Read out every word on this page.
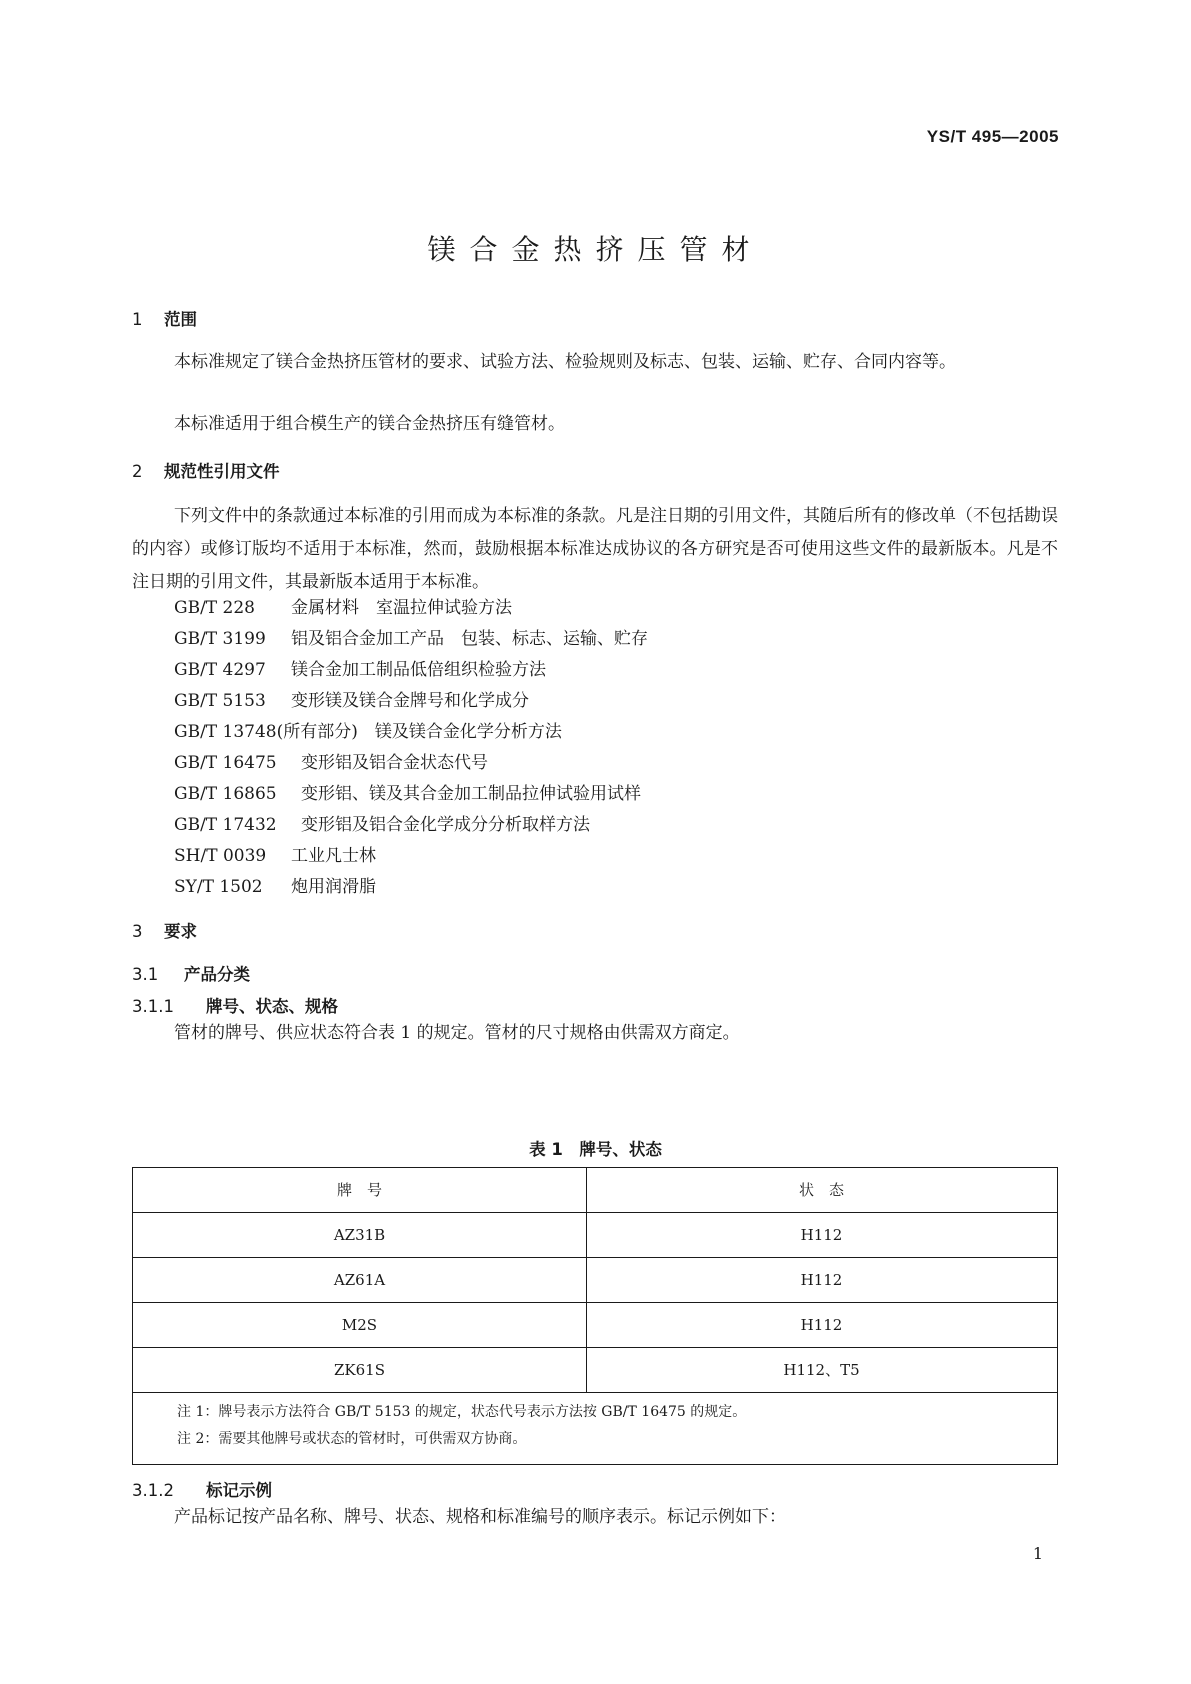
YS/T 495—2005
镁合金热挤压管材
1 范围
本标准规定了镁合金热挤压管材的要求、试验方法、检验规则及标志、包装、运输、贮存、合同内容等。
本标准适用于组合模生产的镁合金热挤压有缝管材。
2 规范性引用文件
下列文件中的条款通过本标准的引用而成为本标准的条款。凡是注日期的引用文件，其随后所有的修改单（不包括勘误的内容）或修订版均不适用于本标准，然而，鼓励根据本标准达成协议的各方研究是否可使用这些文件的最新版本。凡是不注日期的引用文件，其最新版本适用于本标准。
GB/T 228　 金属材料　室温拉伸试验方法
GB/T 3199　 铝及铝合金加工产品　包装、标志、运输、贮存
GB/T 4297　 镁合金加工制品低倍组织检验方法
GB/T 5153　 变形镁及镁合金牌号和化学成分
GB/T 13748(所有部分)　 镁及镁合金化学分析方法
GB/T 16475　 变形铝及铝合金状态代号
GB/T 16865　 变形铝、镁及其合金加工制品拉伸试验用试样
GB/T 17432　 变形铝及铝合金化学成分分析取样方法
SH/T 0039　 工业凡士林
SY/T 1502　 炮用润滑脂
3 要求
3.1 产品分类
3.1.1 牌号、状态、规格
管材的牌号、供应状态符合表 1 的规定。管材的尺寸规格由供需双方商定。
表 1　牌号、状态
牌　号	状　态
AZ31B	H112
AZ61A	H112
M2S	H112
ZK61S	H112、T5
注 1：牌号表示方法符合 GB/T 5153 的规定，状态代号表示方法按 GB/T 16475 的规定。
注 2：需要其他牌号或状态的管材时，可供需双方协商。
3.1.2 标记示例
产品标记按产品名称、牌号、状态、规格和标准编号的顺序表示。标记示例如下：
1
